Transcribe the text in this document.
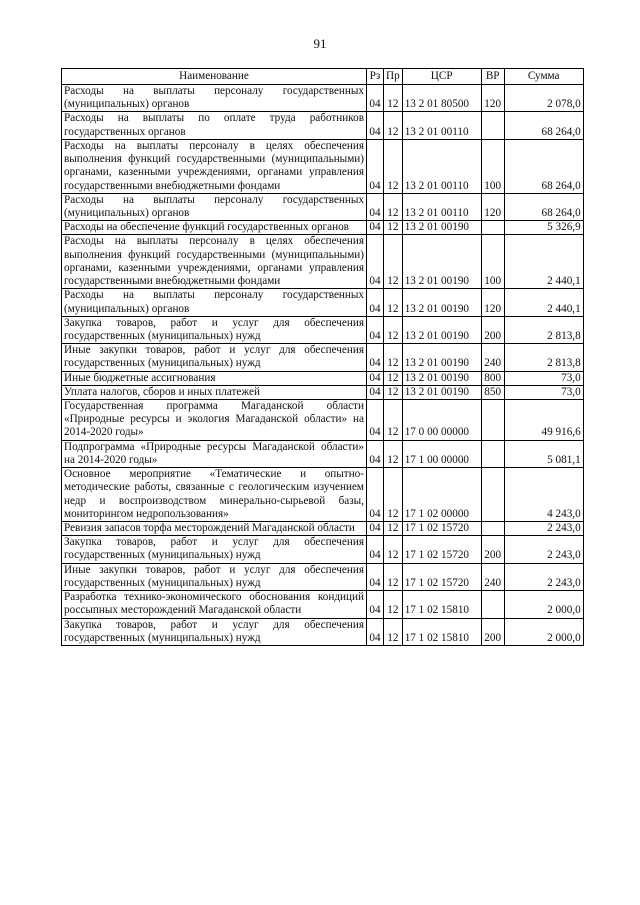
91
Наименование	Рз	Пр	ЦСР	ВР	Сумма
Расходы на выплаты персоналу государственных (муниципальных) органов	04	12	13 2 01 80500	120	2 078,0
Расходы на выплаты по оплате труда работников государственных органов	04	12	13 2 01 00110		68 264,0
Расходы на выплаты персоналу в целях обеспечения выполнения функций государственными (муниципальными) органами, казенными учреждениями, органами управления государственными внебюджетными фондами	04	12	13 2 01 00110	100	68 264,0
Расходы на выплаты персоналу государственных (муниципальных) органов	04	12	13 2 01 00110	120	68 264,0
Расходы на обеспечение функций государственных органов	04	12	13 2 01 00190		5 326,9
Расходы на выплаты персоналу в целях обеспечения выполнения функций государственными (муниципальными) органами, казенными учреждениями, органами управления государственными внебюджетными фондами	04	12	13 2 01 00190	100	2 440,1
Расходы на выплаты персоналу государственных (муниципальных) органов	04	12	13 2 01 00190	120	2 440,1
Закупка товаров, работ и услуг для обеспечения государственных (муниципальных) нужд	04	12	13 2 01 00190	200	2 813,8
Иные закупки товаров, работ и услуг для обеспечения государственных (муниципальных) нужд	04	12	13 2 01 00190	240	2 813,8
Иные бюджетные ассигнования	04	12	13 2 01 00190	800	73,0
Уплата налогов, сборов и иных платежей	04	12	13 2 01 00190	850	73,0
Государственная программа Магаданской области «Природные ресурсы и экология Магаданской области» на 2014-2020 годы»	04	12	17 0 00 00000		49 916,6
Подпрограмма «Природные ресурсы Магаданской области» на 2014-2020 годы»	04	12	17 1 00 00000		5 081,1
Основное мероприятие «Тематические и опытно-методические работы, связанные с геологическим изучением недр и воспроизводством минерально-сырьевой базы, мониторингом недропользования»	04	12	17 1 02 00000		4 243,0
Ревизия запасов торфа месторождений Магаданской области	04	12	17 1 02 15720		2 243,0
Закупка товаров, работ и услуг для обеспечения государственных (муниципальных) нужд	04	12	17 1 02 15720	200	2 243,0
Иные закупки товаров, работ и услуг для обеспечения государственных (муниципальных) нужд	04	12	17 1 02 15720	240	2 243,0
Разработка технико-экономического обоснования кондиций россыпных месторождений Магаданской области	04	12	17 1 02 15810		2 000,0
Закупка товаров, работ и услуг для обеспечения государственных (муниципальных) нужд	04	12	17 1 02 15810	200	2 000,0
